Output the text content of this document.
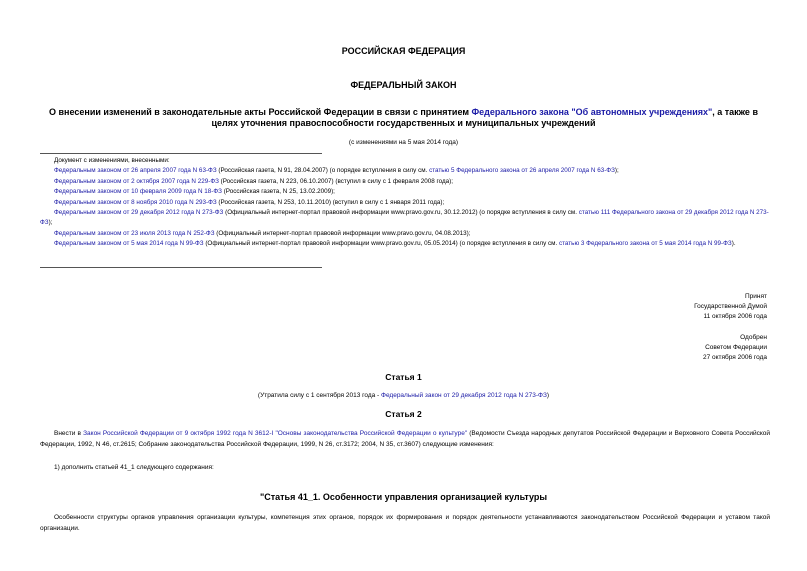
РОССИЙСКАЯ ФЕДЕРАЦИЯ
ФЕДЕРАЛЬНЫЙ ЗАКОН
О внесении изменений в законодательные акты Российской Федерации в связи с принятием Федерального закона "Об автономных учреждениях", а также в целях уточнения правоспособности государственных и муниципальных учреждений
(с изменениями на 5 мая 2014 года)
Документ с изменениями, внесенными:
Федеральным законом от 26 апреля 2007 года N 63-ФЗ (Российская газета, N 91, 28.04.2007) (о порядке вступления в силу см. статью 5 Федерального закона от 26 апреля 2007 года N 63-ФЗ);
Федеральным законом от 2 октября 2007 года N 229-ФЗ (Российская газета, N 223, 06.10.2007) (вступил в силу с 1 февраля 2008 года);
Федеральным законом от 10 февраля 2009 года N 18-ФЗ (Российская газета, N 25, 13.02.2009);
Федеральным законом от 8 ноября 2010 года N 293-ФЗ (Российская газета, N 253, 10.11.2010) (вступил в силу с 1 января 2011 года);
Федеральным законом от 29 декабря 2012 года N 273-ФЗ (Официальный интернет-портал правовой информации www.pravo.gov.ru, 30.12.2012) (о порядке вступления в силу см. статью 111 Федерального закона от 29 декабря 2012 года N 273-ФЗ);
Федеральным законом от 23 июля 2013 года N 252-ФЗ (Официальный интернет-портал правовой информации www.pravo.gov.ru, 04.08.2013);
Федеральным законом от 5 мая 2014 года N 99-ФЗ (Официальный интернет-портал правовой информации www.pravo.gov.ru, 05.05.2014) (о порядке вступления в силу см. статью 3 Федерального закона от 5 мая 2014 года N 99-ФЗ).
Принят
Государственной Думой
11 октября 2006 года
Одобрен
Советом Федерации
27 октября 2006 года
Статья 1
(Утратила силу с 1 сентября 2013 года - Федеральный закон от 29 декабря 2012 года N 273-ФЗ)
Статья 2
Внести в Закон Российской Федерации от 9 октября 1992 года N 3612-I "Основы законодательства Российской Федерации о культуре" (Ведомости Съезда народных депутатов Российской Федерации и Верховного Совета Российской Федерации, 1992, N 46, ст.2615; Собрание законодательства Российской Федерации, 1999, N 26, ст.3172; 2004, N 35, ст.3607) следующие изменения:
1) дополнить статьей 41_1 следующего содержания:
"Статья 41_1. Особенности управления организацией культуры
Особенности структуры органов управления организации культуры, компетенция этих органов, порядок их формирования и порядок деятельности устанавливаются законодательством Российской Федерации и уставом такой организации.
